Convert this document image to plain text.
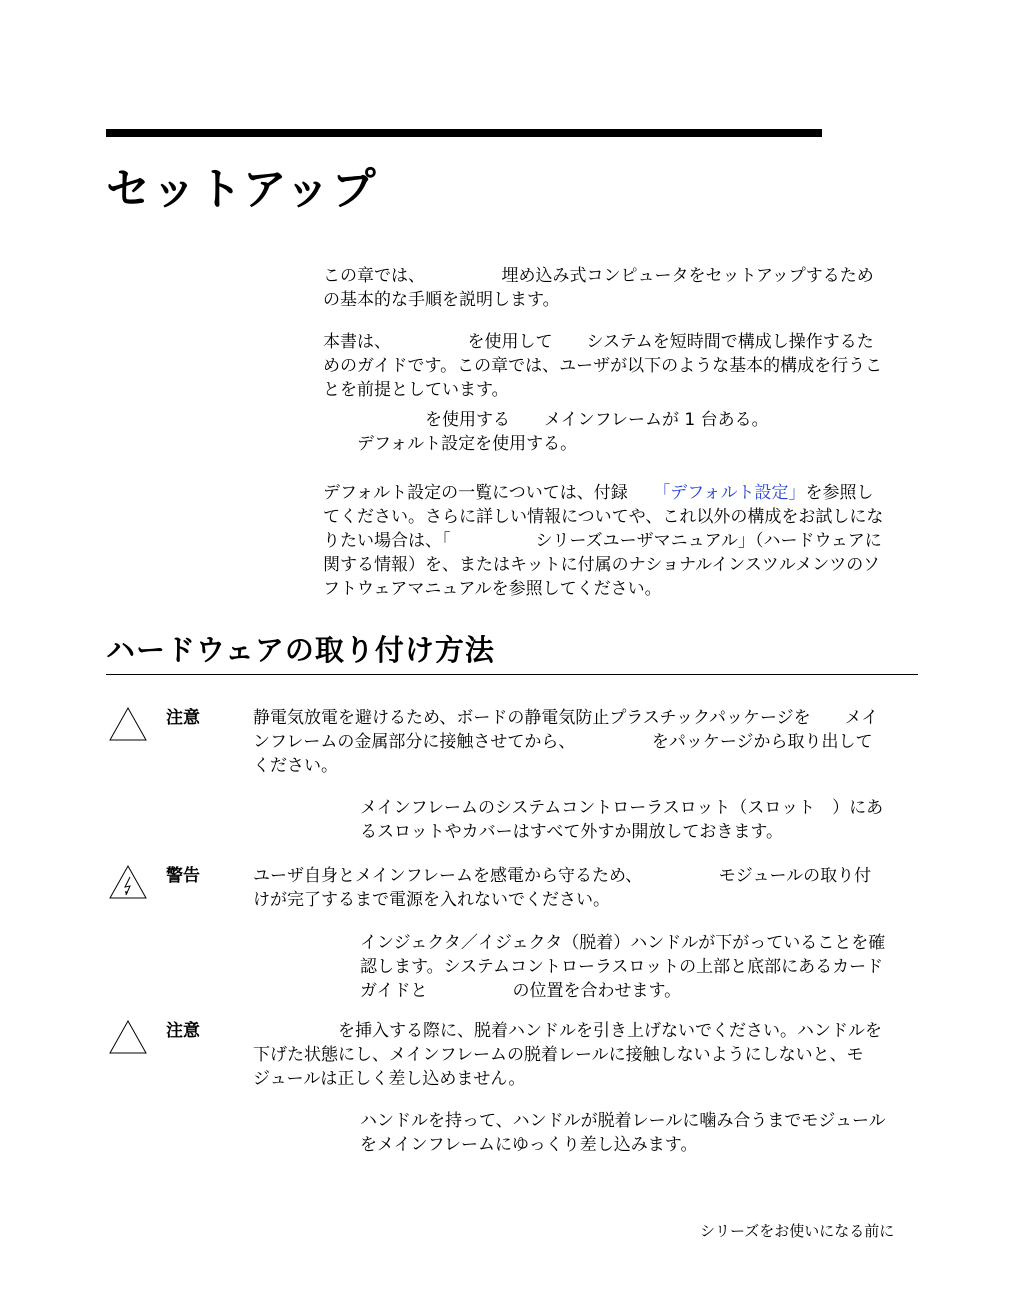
セットアップ

この章では、　　　　　埋め込み式コンピュータをセットアップするため

の基本的な手順を説明します。

本書は、　　　　　を使用して　　システムを短時間で構成し操作するた

めのガイドです。この章では、ユーザが以下のような基本的構成を行うこ

とを前提としています。

　　　　　　を使用する　　メインフレームが 1 台ある。

　　デフォルト設定を使用する。

デフォルト設定の一覧については、付録　　「デフォルト設定」を参照し

てください。さらに詳しい情報についてや、これ以外の構成をお試しにな

りたい場合は、「　　　　　シリーズユーザマニュアル」（ハードウェアに

関する情報）を、またはキットに付属のナショナルインスツルメンツのソ

フトウェアマニュアルを参照してください。

ハードウェアの取り付け方法
注意	静電気放電を避けるため、ボードの静電気防止プラスチックパッケージを　　メイ

ンフレームの金属部分に接触させてから、　　　　　をパッケージから取り出して

ください。

メインフレームのシステムコントローラスロット（スロット　）にあ

るスロットやカバーはすべて外すか開放しておきます。

警告	ユーザ自身とメインフレームを感電から守るため、　　　　　モジュールの取り付

けが完了するまで電源を入れないでください。

インジェクタ／イジェクタ（脱着）ハンドルが下がっていることを確

認します。システムコントローラスロットの上部と底部にあるカード

ガイドと　　　　　の位置を合わせます。

注意	　　　　　を挿入する際に、脱着ハンドルを引き上げないでください。ハンドルを

下げた状態にし、メインフレームの脱着レールに接触しないようにしないと、モ

ジュールは正しく差し込めません。

ハンドルを持って、ハンドルが脱着レールに噛み合うまでモジュール

をメインフレームにゆっくり差し込みます。

シリーズをお使いになる前に
